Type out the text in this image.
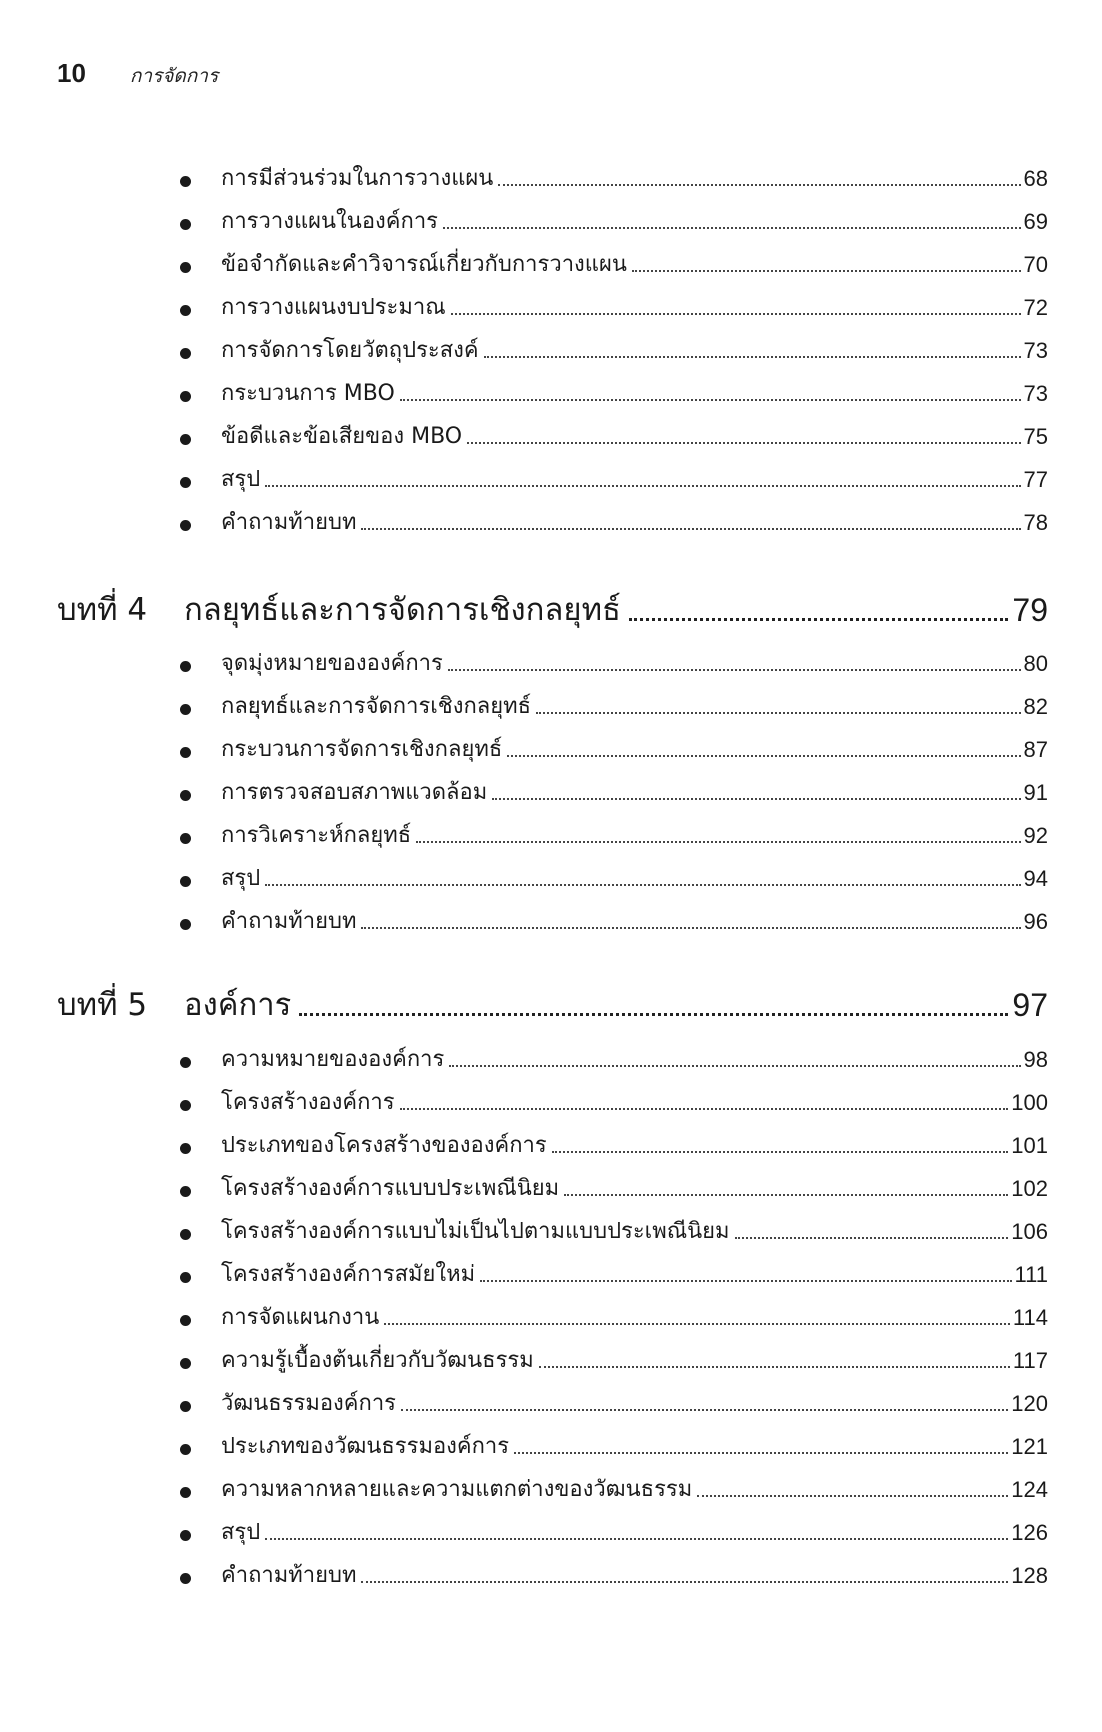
10 การจัดการ
การมีส่วนร่วมในการวางแผน	68
การวางแผนในองค์การ	69
ข้อจำกัดและคำวิจารณ์เกี่ยวกับการวางแผน	70
การวางแผนงบประมาณ	72
การจัดการโดยวัตถุประสงค์	73
กระบวนการ MBO	73
ข้อดีและข้อเสียของ MBO	75
สรุป	77
คำถามท้ายบท	78
บทที่ 4	กลยุทธ์และการจัดการเชิงกลยุทธ์	79
จุดมุ่งหมายขององค์การ	80
กลยุทธ์และการจัดการเชิงกลยุทธ์	82
กระบวนการจัดการเชิงกลยุทธ์	87
การตรวจสอบสภาพแวดล้อม	91
การวิเคราะห์กลยุทธ์	92
สรุป	94
คำถามท้ายบท	96
บทที่ 5	องค์การ	97
ความหมายขององค์การ	98
โครงสร้างองค์การ	100
ประเภทของโครงสร้างขององค์การ	101
โครงสร้างองค์การแบบประเพณีนิยม	102
โครงสร้างองค์การแบบไม่เป็นไปตามแบบประเพณีนิยม	106
โครงสร้างองค์การสมัยใหม่	111
การจัดแผนกงาน	114
ความรู้เบื้องต้นเกี่ยวกับวัฒนธรรม	117
วัฒนธรรมองค์การ	120
ประเภทของวัฒนธรรมองค์การ	121
ความหลากหลายและความแตกต่างของวัฒนธรรม	124
สรุป	126
คำถามท้ายบท	128
